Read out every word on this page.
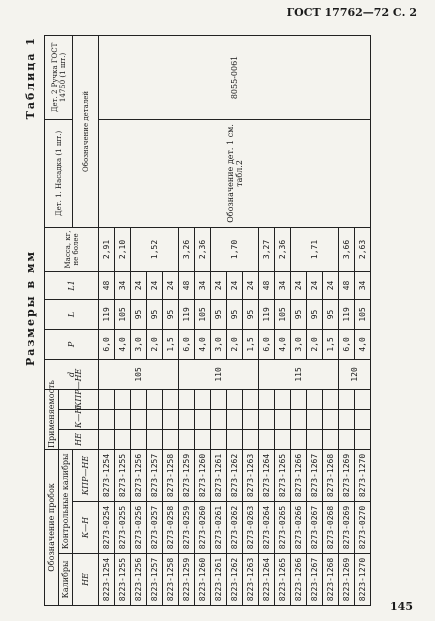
ГОСТ 17762—72 С. 2
Размеры в мм
Таблица 1
Обозначение пробок			Применяемость			d	P	L	L1	Масса, кг, не более	Дет. 1. Насадка (1 шт.)	Дет. 2 Ручка ГОСТ 14750 (1 шт.)
Калибры	Контрольные калибры		НЕ	К—Н	КПР—НЕ							
НЕ	К—Н	КПР—НЕ									Обозначение деталей	
8223-1254	8273-0254	8273-1254				105	6,0	119	48	2,91	Обозначение дет. 1 см. табл.2	8055-0061
8223-1255	8273-0255	8273-1255					4,0	105	34	2,10		
8223-1256	8273-0256	8273-1256					3,0	95	24	1,52		
8223-1257	8273-0257	8273-1257					2,0	95	24			
8223-1258	8273-0258	8273-1258					1,5	95	24			
8223-1259	8273-0259	8273-1259				110	6,0	119	48	3,26		
8223-1260	8273-0260	8273-1260					4,0	105	34	2,36		
8223-1261	8273-0261	8273-1261					3,0	95	24	1,70		
8223-1262	8273-0262	8273-1262					2,0	95	24			
8223-1263	8273-0263	8273-1263					1,5	95	24			
8223-1264	8273-0264	8273-1264				115	6,0	119	48	3,27		
8223-1265	8273-0265	8273-1265					4,0	105	34	2,36		
8223-1266	8273-0266	8273-1266					3,0	95	24	1,71		
8223-1267	8273-0267	8273-1267					2,0	95	24			
8223-1268	8273-0268	8273-1268					1,5	95	24			
8223-1269	8273-0269	8273-1269				120	6,0	119	48	3,66		
8223-1270	8273-0270	8273-1270					4,0	105	34	2,63		
145
